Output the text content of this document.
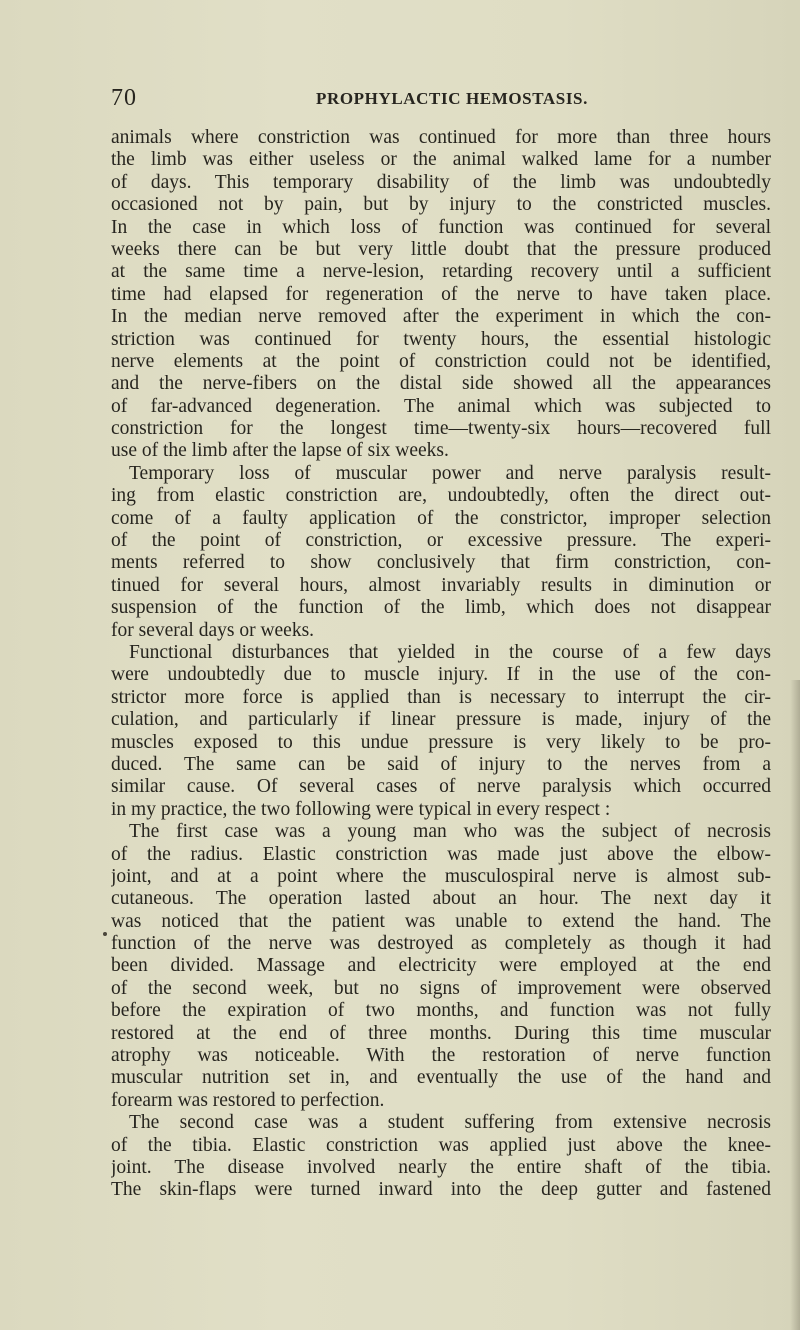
70	PROPHYLACTIC HEMOSTASIS.
animals where constriction was continued for more than three hours
the limb was either useless or the animal walked lame for a number
of days. This temporary disability of the limb was undoubtedly
occasioned not by pain, but by injury to the constricted muscles.
In the case in which loss of function was continued for several
weeks there can be but very little doubt that the pressure produced
at the same time a nerve-lesion, retarding recovery until a sufficient
time had elapsed for regeneration of the nerve to have taken place.
In the median nerve removed after the experiment in which the con-
striction was continued for twenty hours, the essential histologic
nerve elements at the point of constriction could not be identified,
and the nerve-fibers on the distal side showed all the appearances
of far-advanced degeneration. The animal which was subjected to
constriction for the longest time—twenty-six hours—recovered full
use of the limb after the lapse of six weeks.
Temporary loss of muscular power and nerve paralysis result-
ing from elastic constriction are, undoubtedly, often the direct out-
come of a faulty application of the constrictor, improper selection
of the point of constriction, or excessive pressure. The experi-
ments referred to show conclusively that firm constriction, con-
tinued for several hours, almost invariably results in diminution or
suspension of the function of the limb, which does not disappear
for several days or weeks.
Functional disturbances that yielded in the course of a few days
were undoubtedly due to muscle injury. If in the use of the con-
strictor more force is applied than is necessary to interrupt the cir-
culation, and particularly if linear pressure is made, injury of the
muscles exposed to this undue pressure is very likely to be pro-
duced. The same can be said of injury to the nerves from a
similar cause. Of several cases of nerve paralysis which occurred
in my practice, the two following were typical in every respect :
The first case was a young man who was the subject of necrosis
of the radius. Elastic constriction was made just above the elbow-
joint, and at a point where the musculospiral nerve is almost sub-
cutaneous. The operation lasted about an hour. The next day it
was noticed that the patient was unable to extend the hand. The
function of the nerve was destroyed as completely as though it had
been divided. Massage and electricity were employed at the end
of the second week, but no signs of improvement were observed
before the expiration of two months, and function was not fully
restored at the end of three months. During this time muscular
atrophy was noticeable. With the restoration of nerve function
muscular nutrition set in, and eventually the use of the hand and
forearm was restored to perfection.
The second case was a student suffering from extensive necrosis
of the tibia. Elastic constriction was applied just above the knee-
joint. The disease involved nearly the entire shaft of the tibia.
The skin-flaps were turned inward into the deep gutter and fastened
